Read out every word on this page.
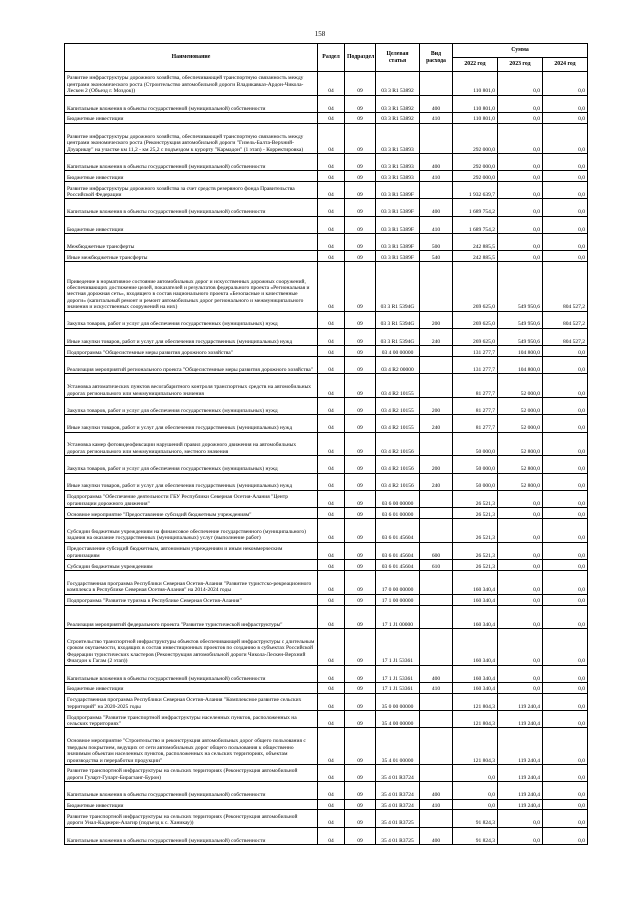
158
Наименование	Раздел	Подраздел	Целевая статья	Вид расхода	Сумма		
					2022 год	2023 год	2024 год
Развитие инфраструктуры дорожного хозяйства, обеспечивающей транспортную связанность между центрами экономического роста (Строительство автомобильной дороги Владикавказ-Ардон-Чикола- Лескен 2 (Объезд г. Моздок))	04	09	03 3 R1 53892		110 801,0	0,0	0,0
Капитальные вложения в объекты государственной (муниципальной) собственности	04	09	03 3 R1 53892	400	110 801,0	0,0	0,0
Бюджетные инвестиции	04	09	03 3 R1 53892	410	110 801,0	0,0	0,0
Развитие инфраструктуры дорожного хозяйства, обеспечивающей транспортную связанность между центрами экономического роста (Реконструкция автомобильной дороги "Гизель-Балта-Верхний-Дзуарикау" на участке км 11,2 - км 25,2 с подъездом к курорту "Кармадон" (1 этап) - Корректировка)	04	09	03 3 R1 53893		292 000,0	0,0	0,0
Капитальные вложения в объекты государственной (муниципальной) собственности	04	09	03 3 R1 53893	400	292 000,0	0,0	0,0
Бюджетные инвестиции	04	09	03 3 R1 53893	410	292 000,0	0,0	0,0
Развитие инфраструктуры дорожного хозяйства за счет средств резервного фонда Правительства Российской Федерации	04	09	03 3 R1 5389F		1 932 639,7	0,0	0,0
Капитальные вложения в объекты государственной (муниципальной) собственности	04	09	03 3 R1 5389F	400	1 689 754,2	0,0	0,0
Бюджетные инвестиции	04	09	03 3 R1 5389F	410	1 689 754,2	0,0	0,0
Межбюджетные трансферты	04	09	03 3 R1 5389F	500	242 885,5	0,0	0,0
Иные межбюджетные трансферты	04	09	03 3 R1 5389F	540	242 885,5	0,0	0,0
Приведение в нормативное состояние автомобильных дорог и искусственных дорожных сооружений, обеспечивающих достижение целей, показателей и результатов федерального проекта «Региональная и местная дорожная сеть», входящего в состав национального проекта «Безопасные и качественные дороги» (капитальный ремонт и ремонт автомобильных дорог регионального и межмуниципального значения и искусственных сооружений на них)	04	09	03 3 R1 5394G		269 625,0	549 950,6	804 527,2
Закупка товаров, работ и услуг для обеспечения государственных (муниципальных) нужд	04	09	03 3 R1 5394G	200	269 625,0	549 950,6	804 527,2
Иные закупки товаров, работ и услуг для обеспечения государственных (муниципальных) нужд	04	09	03 3 R1 5394G	240	269 625,0	549 950,6	804 527,2
Подпрограмма "Общесистемные меры развития дорожного хозяйства"	04	09	03 4 00 00000		131 277,7	104 800,0	0,0
Реализация мероприятий регионального проекта "Общесистемные меры развития дорожного хозяйства"	04	09	03 4 R2 00000		131 277,7	104 800,0	0,0
Установка автоматических пунктов весогабаритного контроля транспортных средств на автомобильных дорогах регионального или межмуниципального значения	04	09	03 4 R2 10155		81 277,7	52 000,0	0,0
Закупка товаров, работ и услуг для обеспечения государственных (муниципальных) нужд	04	09	03 4 R2 10155	200	81 277,7	52 000,0	0,0
Иные закупки товаров, работ и услуг для обеспечения государственных (муниципальных) нужд	04	09	03 4 R2 10155	240	81 277,7	52 000,0	0,0
Установка камер фотовидеофиксации нарушений правил дорожного движения на автомобильных дорогах регионального или межмуниципального, местного значения	04	09	03 4 R2 10156		50 000,0	52 800,0	0,0
Закупка товаров, работ и услуг для обеспечения государственных (муниципальных) нужд	04	09	03 4 R2 10156	200	50 000,0	52 800,0	0,0
Иные закупки товаров, работ и услуг для обеспечения государственных (муниципальных) нужд	04	09	03 4 R2 10156	240	50 000,0	52 800,0	0,0
Подпрограмма "Обеспечение деятельности ГБУ Республики Северная Осетия-Алания "Центр организации дорожного движения"	04	09	03 6 00 00000		26 521,3	0,0	0,0
Основное мероприятие "Предоставление субсидий бюджетным учреждениям"	04	09	03 6 01 00000		26 521,3	0,0	0,0
Субсидии бюджетным учреждениям на финансовое обеспечение государственного (муниципального) задания на оказание государственных (муниципальных) услуг (выполнение работ)	04	09	03 6 01 45604		26 521,3	0,0	0,0
Предоставление субсидий бюджетным, автономным учреждениям и иным некоммерческим организациям	04	09	03 6 01 45604	600	26 521,3	0,0	0,0
Субсидии бюджетным учреждениям	04	09	03 6 01 45604	610	26 521,3	0,0	0,0
Государственная программа Республики Северная Осетия-Алания "Развитие туристско-рекреационного комплекса в Республике Северная Осетия-Алания" на 2014-2024 годы	04	09	17 0 00 00000		160 340,4	0,0	0,0
Подпрограмма "Развитие туризма в Республике Северная Осетия-Алания"	04	09	17 1 00 00000		160 340,4	0,0	0,0
Реализация мероприятий федерального проекта "Развитие туристической инфраструктуры"	04	09	17 1 J1 00000		160 340,4	0,0	0,0
Строительство транспортной инфраструктуры объектов обеспечивающей инфраструктуры с длительным сроком окупаемости, входящих в состав инвестиционных проектов по созданию в субъектах Российской Федерации туристических кластеров (Реконструкция автомобильной дороги Чикола-Лескен-Верхний Фиагдон к Гагам (2 этап))	04	09	17 1 J1 53361		160 340,4	0,0	0,0
Капитальные вложения в объекты государственной (муниципальной) собственности	04	09	17 1 J1 53361	400	160 340,4	0,0	0,0
Бюджетные инвестиции	04	09	17 1 J1 53361	410	160 340,4	0,0	0,0
Государственная программа Республики Северная Осетия-Алания "Комплексное развитие сельских территорий" на 2020-2025 годы	04	09	35 0 00 00000		121 804,3	119 240,4	0,0
Подпрограмма "Развитие транспортной инфраструктуры населенных пунктов, расположенных на сельских территориях"	04	09	35 4 00 00000		121 804,3	119 240,4	0,0
Основное мероприятие "Строительство и реконструкция автомобильных дорог общего пользования с твердым покрытием, ведущих от сети автомобильных дорог общего пользования к общественно значимым объектам населенных пунктов, расположенных на сельских территориях, объектам производства и переработки продукции"	04	09	35 4 01 00000		121 804,3	119 240,4	0,0
Развитие транспортной инфраструктуры на сельских территориях (Реконструкция автомобильной дороги Гуларт-Гуларт-Бирагзанг-Бурон)	04	09	35 4 01 R3724		0,0	119 240,4	0,0
Капитальные вложения в объекты государственной (муниципальной) собственности	04	09	35 4 01 R3724	400	0,0	119 240,4	0,0
Бюджетные инвестиции	04	09	35 4 01 R3724	410	0,0	119 240,4	0,0
Развитие транспортной инфраструктуры на сельских территориях (Реконструкция автомобильной дороги Унал-Каджери-Алагир (подъезд к с. Ханикау))	04	09	35 4 01 R3725		91 824,3	0,0	0,0
Капитальные вложения в объекты государственной (муниципальной) собственности	04	09	35 4 01 R3725	400	91 824,3	0,0	0,0
